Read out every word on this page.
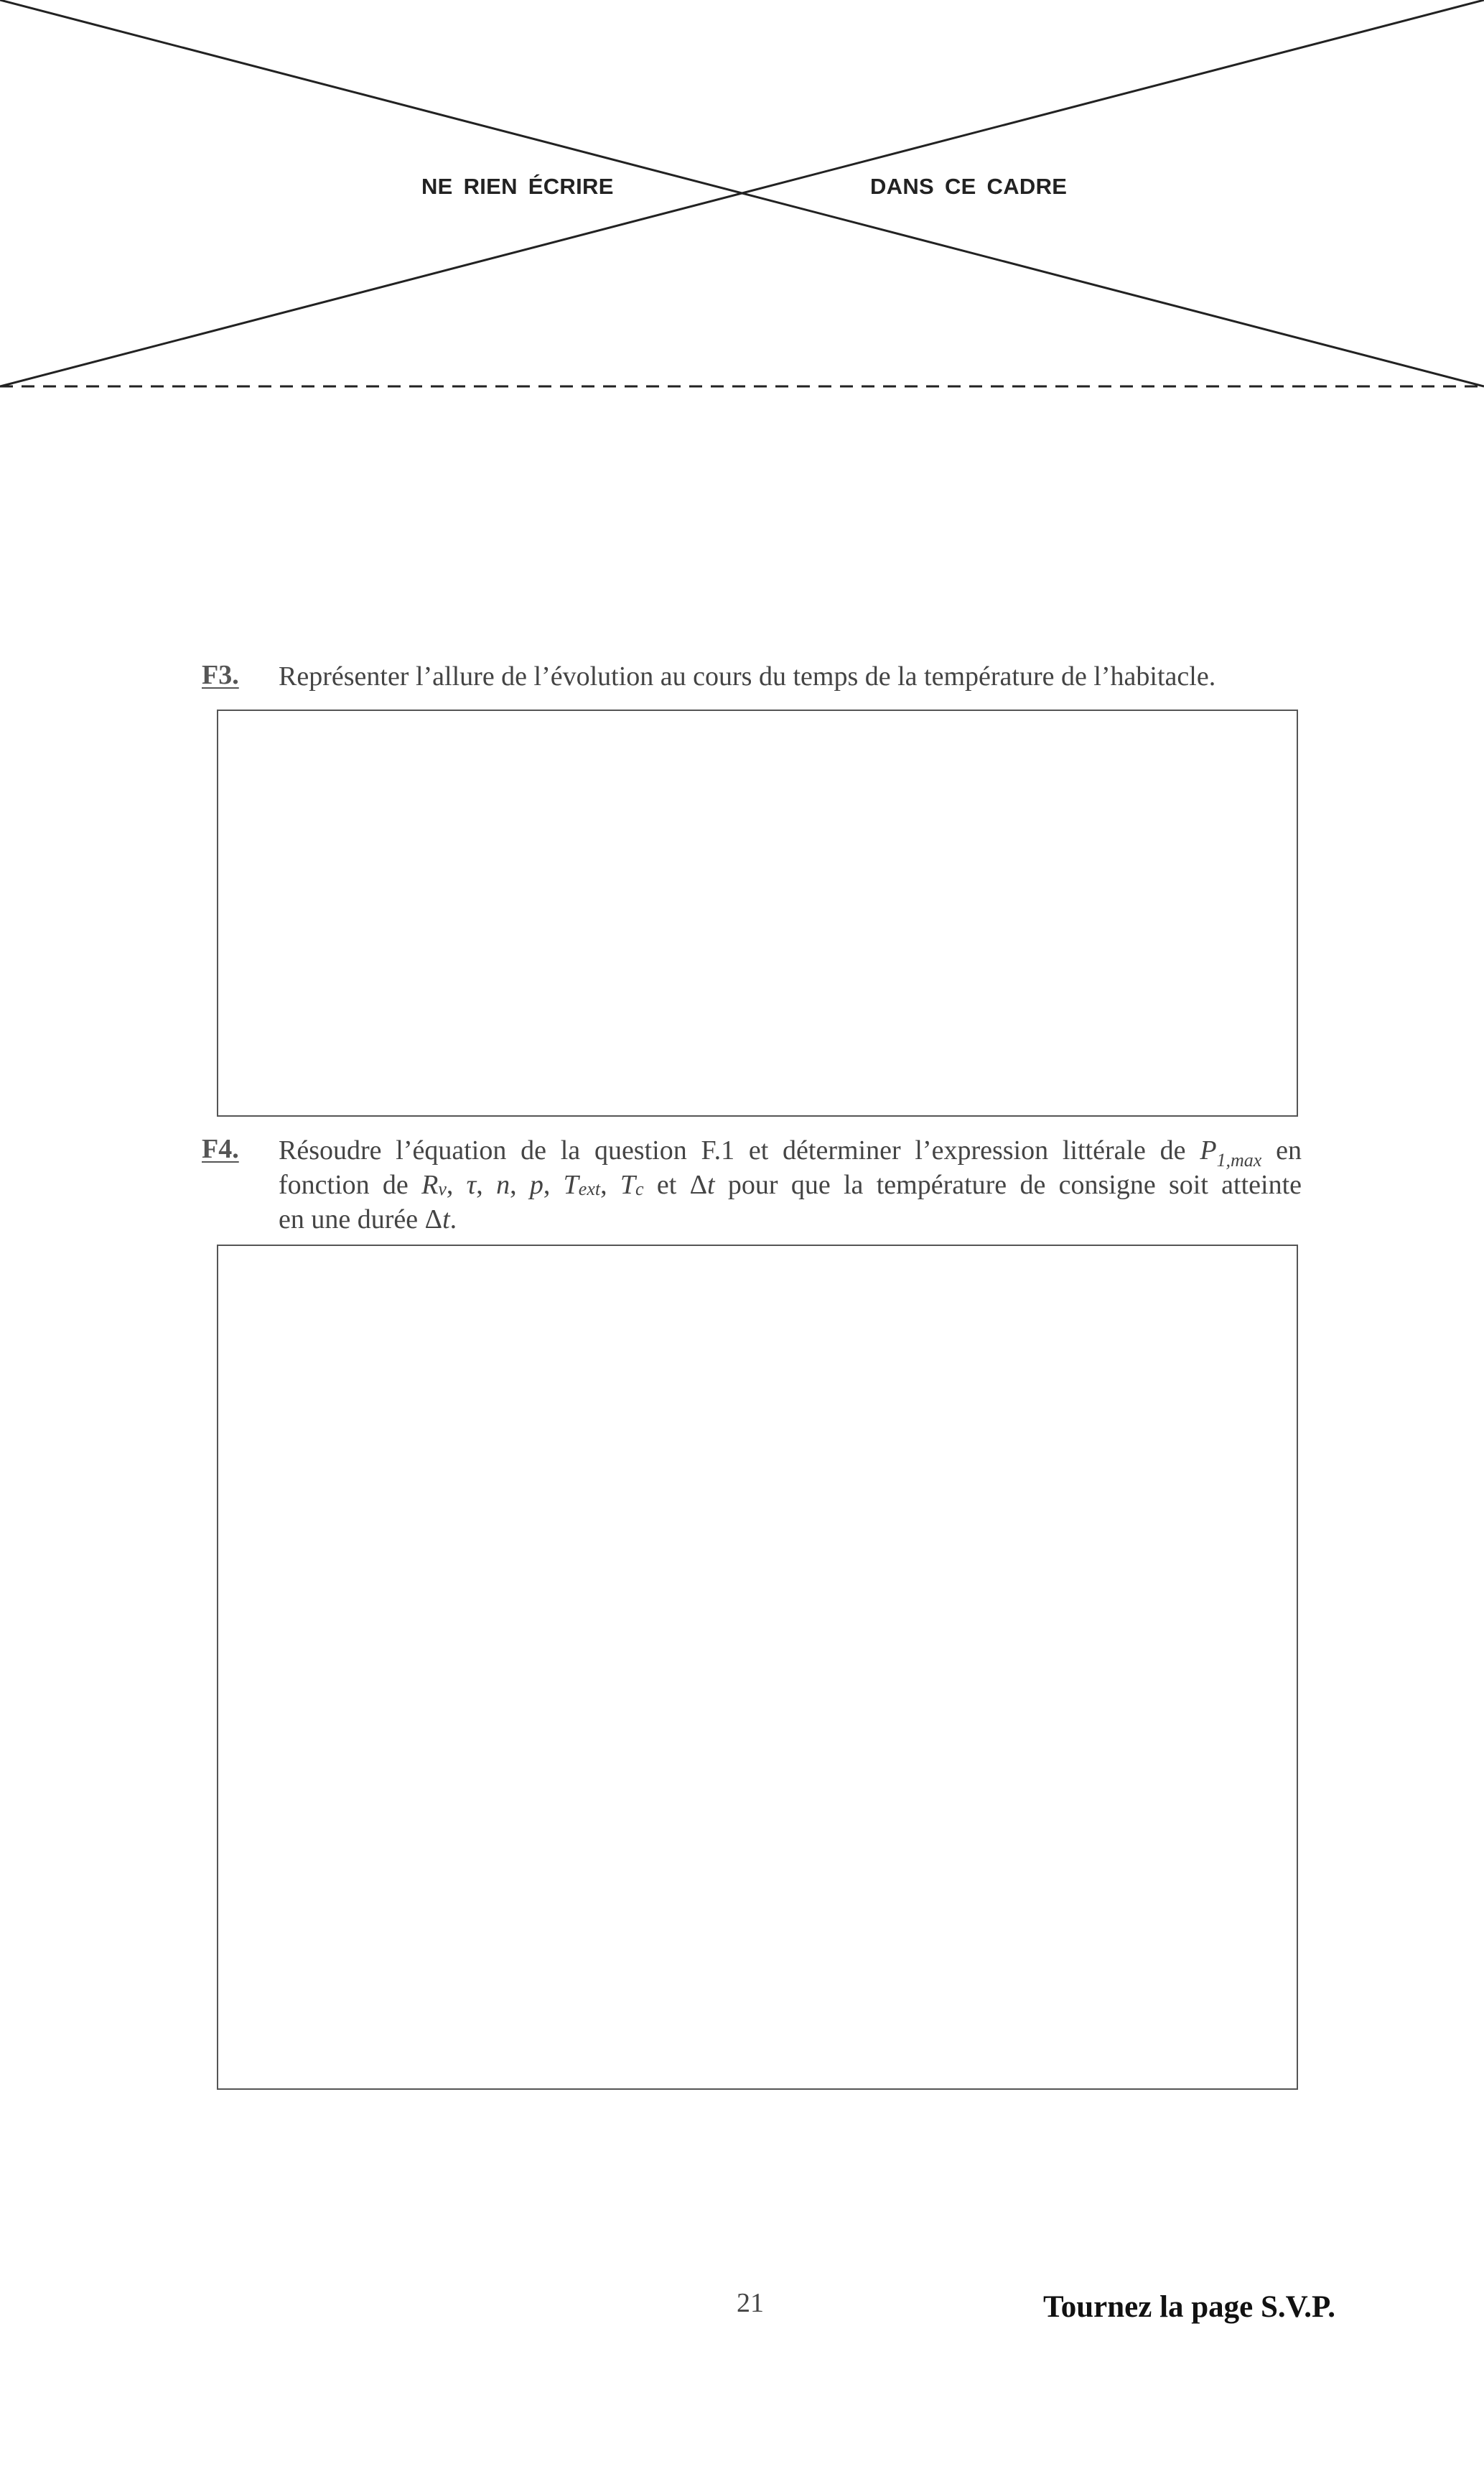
NE RIEN ÉCRIRE	DANS CE CADRE
F3. Représenter l’allure de l’évolution au cours du temps de la température de l’habitacle.
F4. Résoudre l’équation de la question F.1 et déterminer l’expression littérale de $P_{1,max}$ en
fonction de $R_v$, τ, n, p, $T_{ext}$, $T_c$ et Δt pour que la température de consigne soit atteinte
en une durée Δt.
21	Tournez la page S.V.P.
